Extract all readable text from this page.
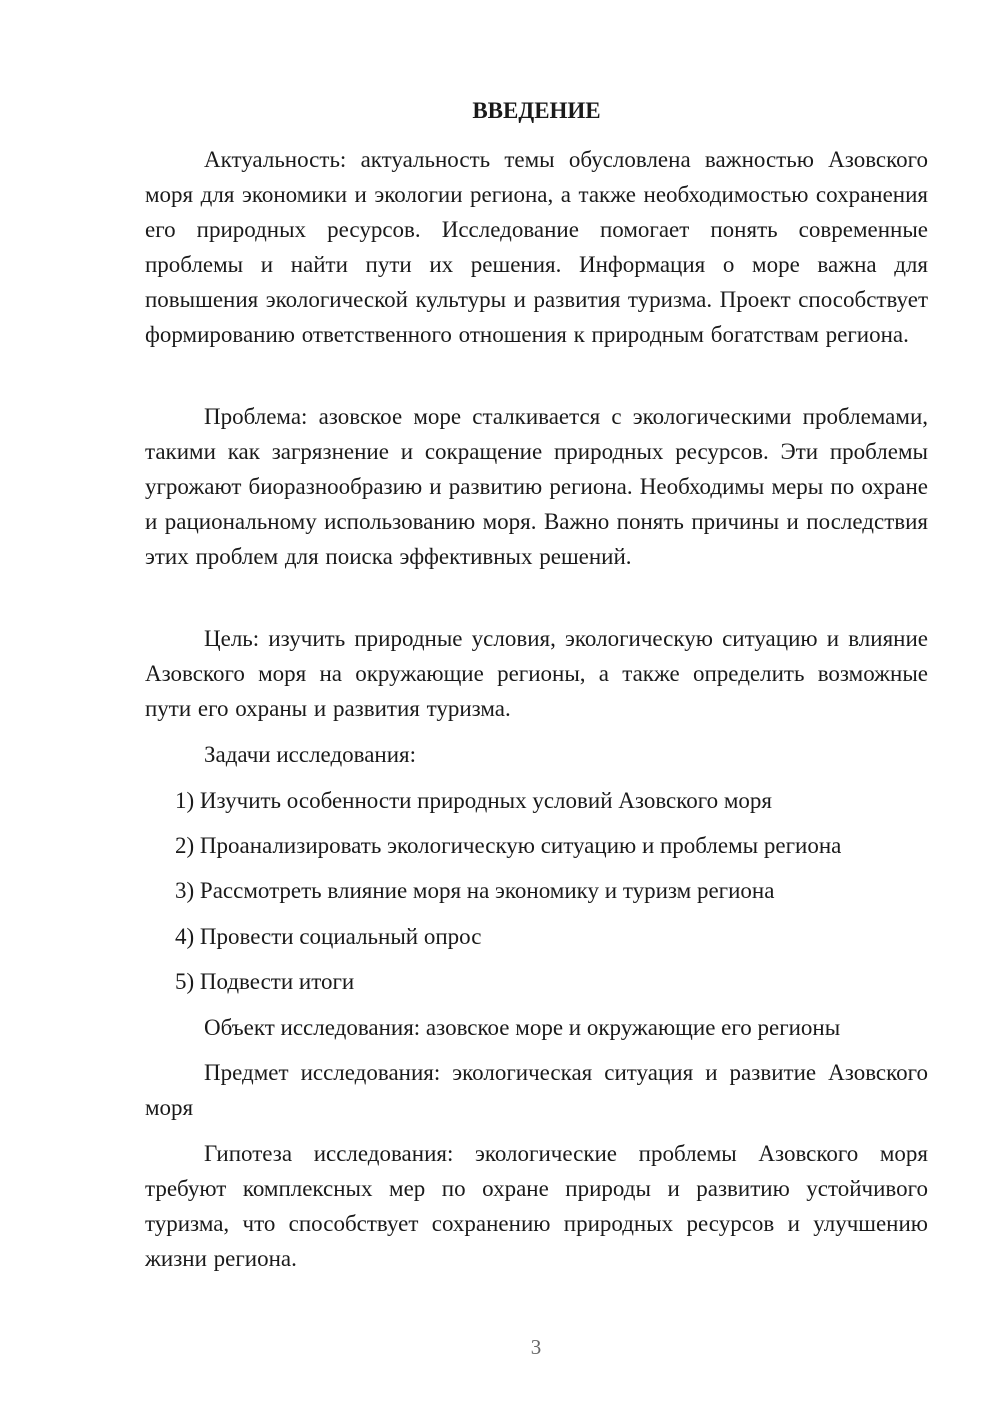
ВВЕДЕНИЕ

Актуальность: актуальность темы обусловлена важностью Азовского моря для экономики и экологии региона, а также необходимостью сохранения его природных ресурсов. Исследование помогает понять современные проблемы и найти пути их решения. Информация о море важна для повышения экологической культуры и развития туризма. Проект способствует формированию ответственного отношения к природным богатствам региона.

Проблема: азовское море сталкивается с экологическими проблемами, такими как загрязнение и сокращение природных ресурсов. Эти проблемы угрожают биоразнообразию и развитию региона. Необходимы меры по охране и рациональному использованию моря. Важно понять причины и последствия этих проблем для поиска эффективных решений.

Цель: изучить природные условия, экологическую ситуацию и влияние Азовского моря на окружающие регионы, а также определить возможные пути его охраны и развития туризма.

Задачи исследования:

1) Изучить особенности природных условий Азовского моря

2) Проанализировать экологическую ситуацию и проблемы региона

3) Рассмотреть влияние моря на экономику и туризм региона

4) Провести социальный опрос

5) Подвести итоги

Объект исследования: азовское море и окружающие его регионы

Предмет исследования: экологическая ситуация и развитие Азовского моря

Гипотеза исследования: экологические проблемы Азовского моря требуют комплексных мер по охране природы и развитию устойчивого туризма, что способствует сохранению природных ресурсов и улучшению жизни региона.

3
